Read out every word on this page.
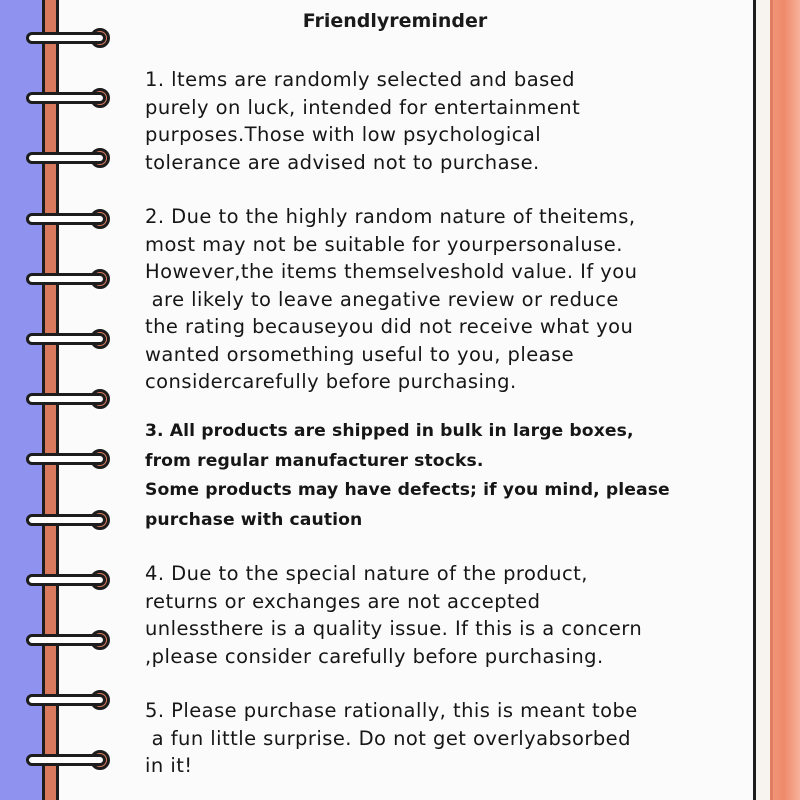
Friendlyreminder

1. ltems are randomly selected and based
purely on luck, intended for entertainment
purposes.Those with low psychological
tolerance are advised not to purchase.

2. Due to the highly random nature of theitems,
most may not be suitable for yourpersonaluse.
However,the items themselveshold value. If you
are likely to leave anegative review or reduce
the rating becauseyou did not receive what you
wanted orsomething useful to you, please
considercarefully before purchasing.

3. All products are shipped in bulk in large boxes,
from regular manufacturer stocks.
Some products may have defects; if you mind, please
purchase with caution

4. Due to the special nature of the product,
returns or exchanges are not accepted
unlessthere is a quality issue. If this is a concern
,please consider carefully before purchasing.

5. Please purchase rationally, this is meant tobe
a fun little surprise. Do not get overlyabsorbed
in it!
